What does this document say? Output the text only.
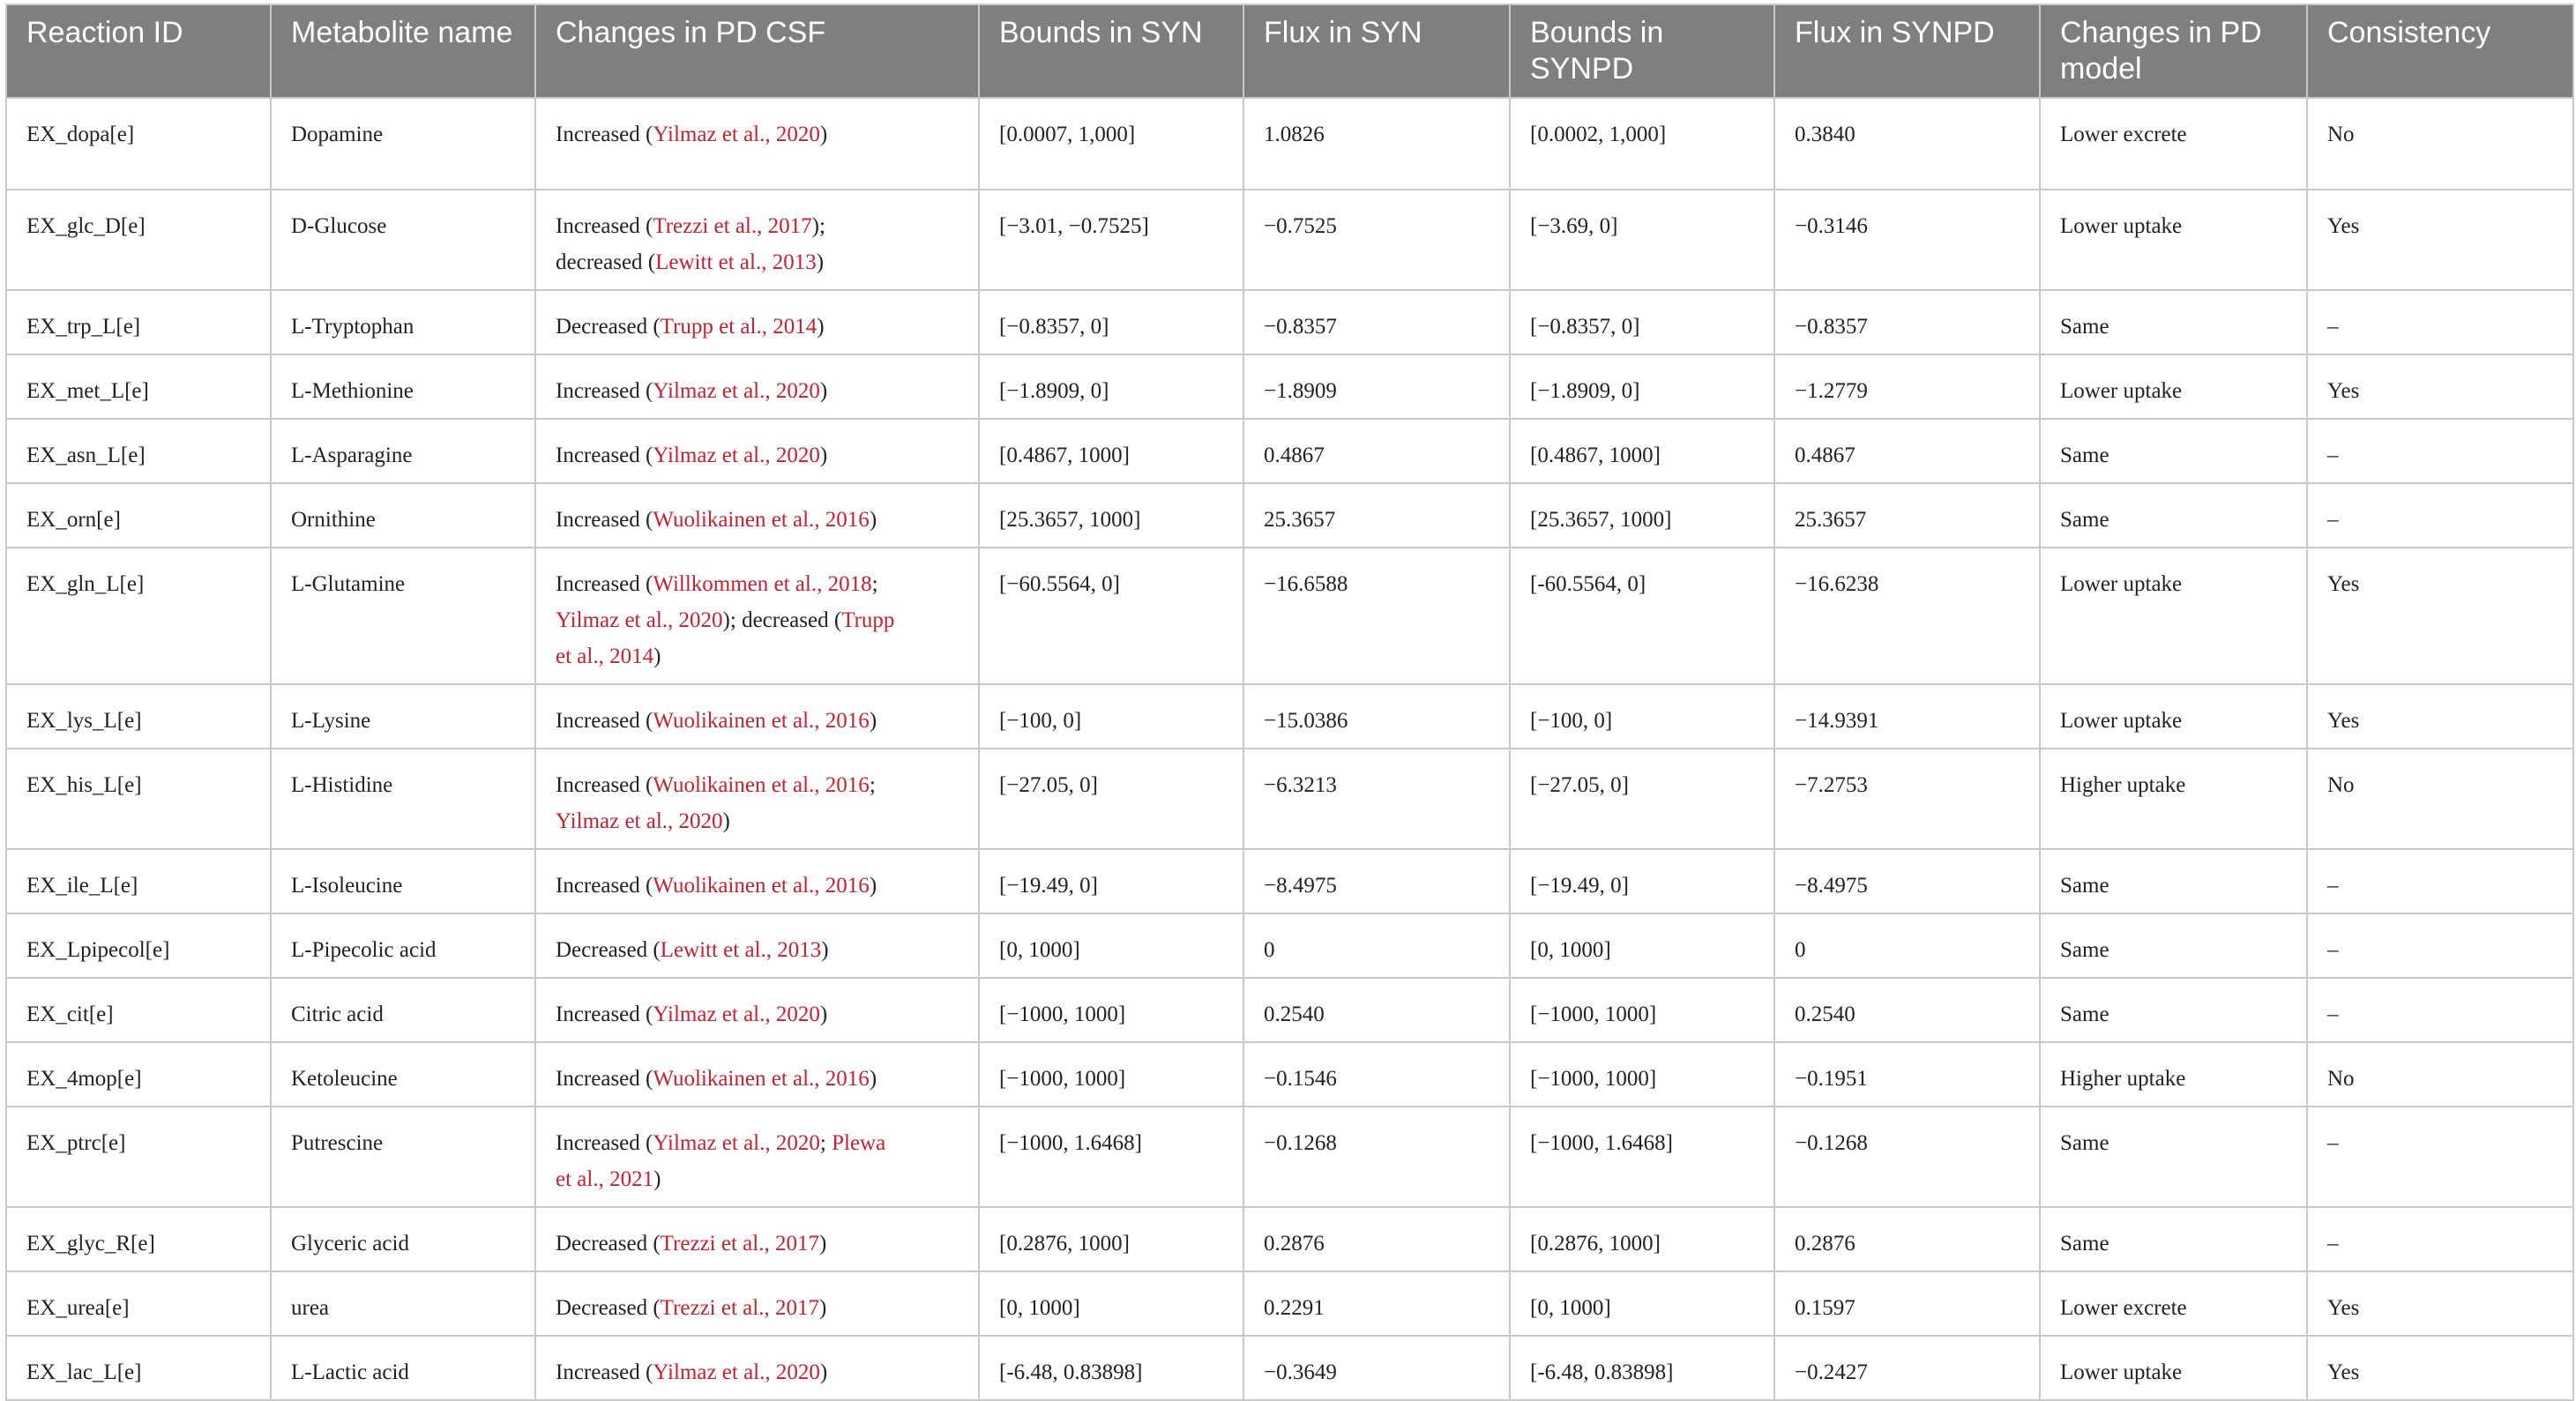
Reaction ID	Metabolite name	Changes in PD CSF	Bounds in SYN	Flux in SYN	Bounds in SYNPD	Flux in SYNPD	Changes in PD model	Consistency
EX_dopa[e]	Dopamine	Increased (Yilmaz et al., 2020)	[0.0007, 1,000]	1.0826	[0.0002, 1,000]	0.3840	Lower excrete	No
EX_glc_D[e]	D-Glucose	Increased (Trezzi et al., 2017);
decreased (Lewitt et al., 2013)	[−3.01, −0.7525]	−0.7525	[−3.69, 0]	−0.3146	Lower uptake	Yes
EX_trp_L[e]	L-Tryptophan	Decreased (Trupp et al., 2014)	[−0.8357, 0]	−0.8357	[−0.8357, 0]	−0.8357	Same	–
EX_met_L[e]	L-Methionine	Increased (Yilmaz et al., 2020)	[−1.8909, 0]	−1.8909	[−1.8909, 0]	−1.2779	Lower uptake	Yes
EX_asn_L[e]	L-Asparagine	Increased (Yilmaz et al., 2020)	[0.4867, 1000]	0.4867	[0.4867, 1000]	0.4867	Same	–
EX_orn[e]	Ornithine	Increased (Wuolikainen et al., 2016)	[25.3657, 1000]	25.3657	[25.3657, 1000]	25.3657	Same	–
EX_gln_L[e]	L-Glutamine	Increased (Willkommen et al., 2018;
Yilmaz et al., 2020); decreased (Trupp
et al., 2014)	[−60.5564, 0]	−16.6588	[-60.5564, 0]	−16.6238	Lower uptake	Yes
EX_lys_L[e]	L-Lysine	Increased (Wuolikainen et al., 2016)	[−100, 0]	−15.0386	[−100, 0]	−14.9391	Lower uptake	Yes
EX_his_L[e]	L-Histidine	Increased (Wuolikainen et al., 2016;
Yilmaz et al., 2020)	[−27.05, 0]	−6.3213	[−27.05, 0]	−7.2753	Higher uptake	No
EX_ile_L[e]	L-Isoleucine	Increased (Wuolikainen et al., 2016)	[−19.49, 0]	−8.4975	[−19.49, 0]	−8.4975	Same	–
EX_Lpipecol[e]	L-Pipecolic acid	Decreased (Lewitt et al., 2013)	[0, 1000]	0	[0, 1000]	0	Same	–
EX_cit[e]	Citric acid	Increased (Yilmaz et al., 2020)	[−1000, 1000]	0.2540	[−1000, 1000]	0.2540	Same	–
EX_4mop[e]	Ketoleucine	Increased (Wuolikainen et al., 2016)	[−1000, 1000]	−0.1546	[−1000, 1000]	−0.1951	Higher uptake	No
EX_ptrc[e]	Putrescine	Increased (Yilmaz et al., 2020; Plewa
et al., 2021)	[−1000, 1.6468]	−0.1268	[−1000, 1.6468]	−0.1268	Same	–
EX_glyc_R[e]	Glyceric acid	Decreased (Trezzi et al., 2017)	[0.2876, 1000]	0.2876	[0.2876, 1000]	0.2876	Same	–
EX_urea[e]	urea	Decreased (Trezzi et al., 2017)	[0, 1000]	0.2291	[0, 1000]	0.1597	Lower excrete	Yes
EX_lac_L[e]	L-Lactic acid	Increased (Yilmaz et al., 2020)	[-6.48, 0.83898]	−0.3649	[-6.48, 0.83898]	−0.2427	Lower uptake	Yes
